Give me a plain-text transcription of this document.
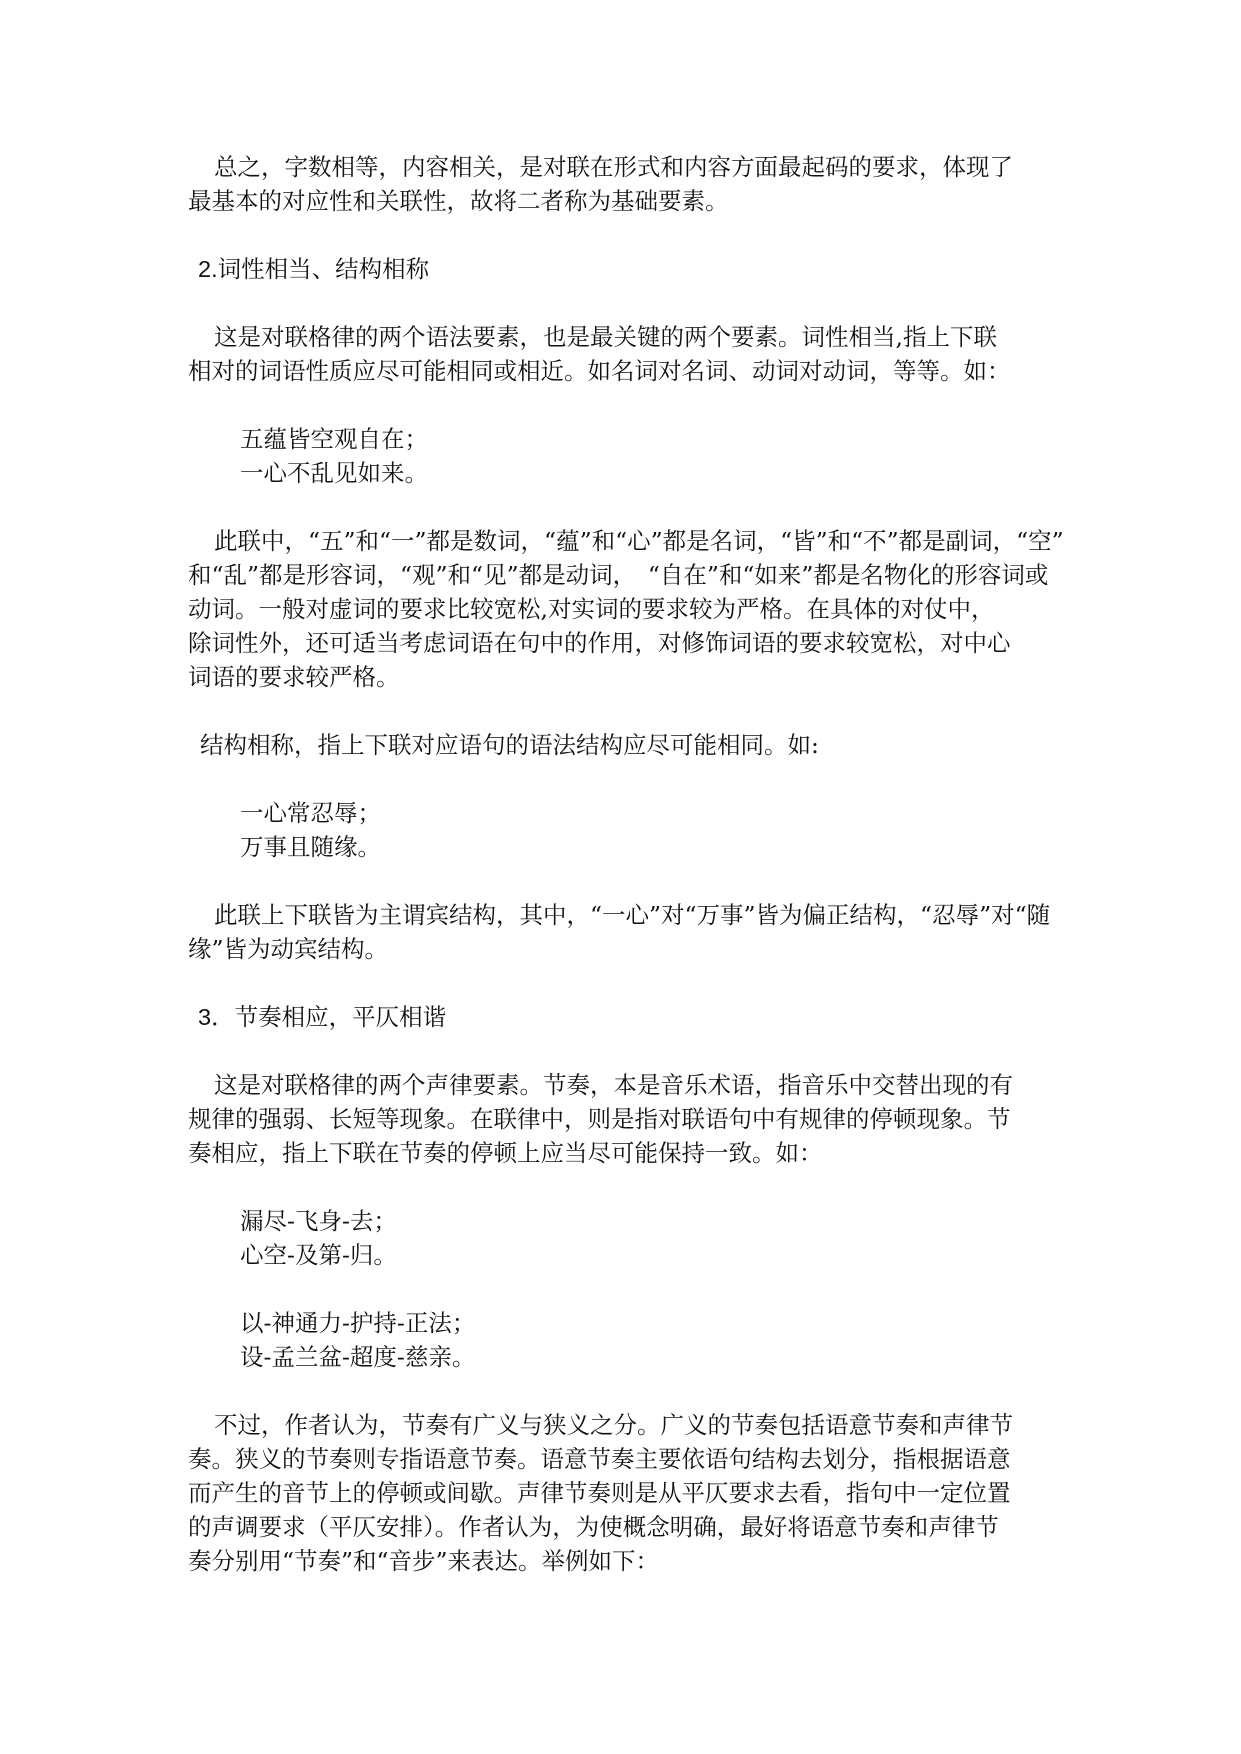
总之，字数相等，内容相关，是对联在形式和内容方面最起码的要求，体现了
最基本的对应性和关联性，故将二者称为基础要素。

2.词性相当、结构相称

这是对联格律的两个语法要素，也是最关键的两个要素。词性相当,指上下联
相对的词语性质应尽可能相同或相近。如名词对名词、动词对动词，等等。如：

五蕴皆空观自在；
一心不乱见如来。

此联中，“五”和“一”都是数词，“蕴”和“心”都是名词，“皆”和“不”都是副词，“空”
和“乱”都是形容词，“观”和“见”都是动词，　“自在”和“如来”都是名物化的形容词或
动词。一般对虚词的要求比较宽松,对实词的要求较为严格。在具体的对仗中，
除词性外，还可适当考虑词语在句中的作用，对修饰词语的要求较宽松，对中心
词语的要求较严格。

结构相称，指上下联对应语句的语法结构应尽可能相同。如:

一心常忍辱；
万事且随缘。

此联上下联皆为主谓宾结构，其中，“一心”对“万事”皆为偏正结构，“忍辱”对“随
缘”皆为动宾结构。

3．节奏相应，平仄相谐

这是对联格律的两个声律要素。节奏，本是音乐术语，指音乐中交替出现的有
规律的强弱、长短等现象。在联律中，则是指对联语句中有规律的停顿现象。节
奏相应，指上下联在节奏的停顿上应当尽可能保持一致。如：

漏尽-飞身-去；
心空-及第-归。

以-神通力-护持-正法；
设-孟兰盆-超度-慈亲。

不过，作者认为，节奏有广义与狭义之分。广义的节奏包括语意节奏和声律节
奏。狭义的节奏则专指语意节奏。语意节奏主要依语句结构去划分，指根据语意
而产生的音节上的停顿或间歇。声律节奏则是从平仄要求去看，指句中一定位置
的声调要求（平仄安排）。作者认为，为使概念明确，最好将语意节奏和声律节
奏分别用“节奏”和“音步”来表达。举例如下：
